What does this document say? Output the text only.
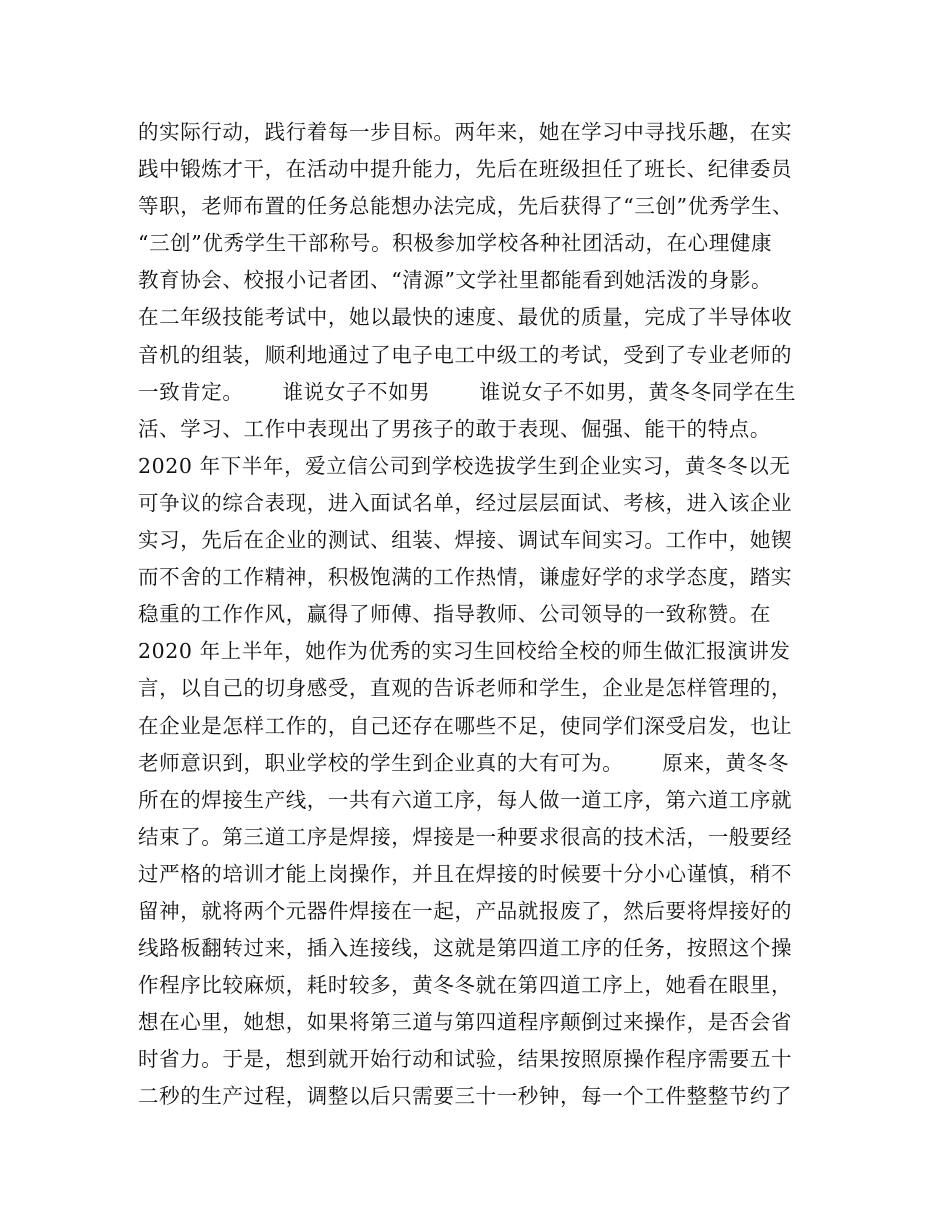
的实际行动，践行着每一步目标。两年来，她在学习中寻找乐趣，在实
践中锻炼才干，在活动中提升能力，先后在班级担任了班长、纪律委员
等职，老师布置的任务总能想办法完成，先后获得了“三创”优秀学生、
“三创”优秀学生干部称号。积极参加学校各种社团活动，在心理健康
教育协会、校报小记者团、“清源”文学社里都能看到她活泼的身影。
在二年级技能考试中，她以最快的速度、最优的质量，完成了半导体收
音机的组装，顺利地通过了电子电工中级工的考试，受到了专业老师的
一致肯定。　　 谁说女子不如男　　 谁说女子不如男，黄冬冬同学在生
活、学习、工作中表现出了男孩子的敢于表现、倔强、能干的特点。
2020 年下半年，爱立信公司到学校选拔学生到企业实习，黄冬冬以无
可争议的综合表现，进入面试名单，经过层层面试、考核，进入该企业
实习，先后在企业的测试、组装、焊接、调试车间实习。工作中，她锲
而不舍的工作精神，积极饱满的工作热情，谦虚好学的求学态度，踏实
稳重的工作作风，赢得了师傅、指导教师、公司领导的一致称赞。在
2020 年上半年，她作为优秀的实习生回校给全校的师生做汇报演讲发
言，以自己的切身感受，直观的告诉老师和学生，企业是怎样管理的，
在企业是怎样工作的，自己还存在哪些不足，使同学们深受启发，也让
老师意识到，职业学校的学生到企业真的大有可为。　　 原来，黄冬冬
所在的焊接生产线，一共有六道工序，每人做一道工序，第六道工序就
结束了。第三道工序是焊接，焊接是一种要求很高的技术活，一般要经
过严格的培训才能上岗操作，并且在焊接的时候要十分小心谨慎，稍不
留神，就将两个元器件焊接在一起，产品就报废了，然后要将焊接好的
线路板翻转过来，插入连接线，这就是第四道工序的任务，按照这个操
作程序比较麻烦，耗时较多，黄冬冬就在第四道工序上，她看在眼里，
想在心里，她想，如果将第三道与第四道程序颠倒过来操作，是否会省
时省力。于是，想到就开始行动和试验，结果按照原操作程序需要五十
二秒的生产过程，调整以后只需要三十一秒钟，每一个工件整整节约了
